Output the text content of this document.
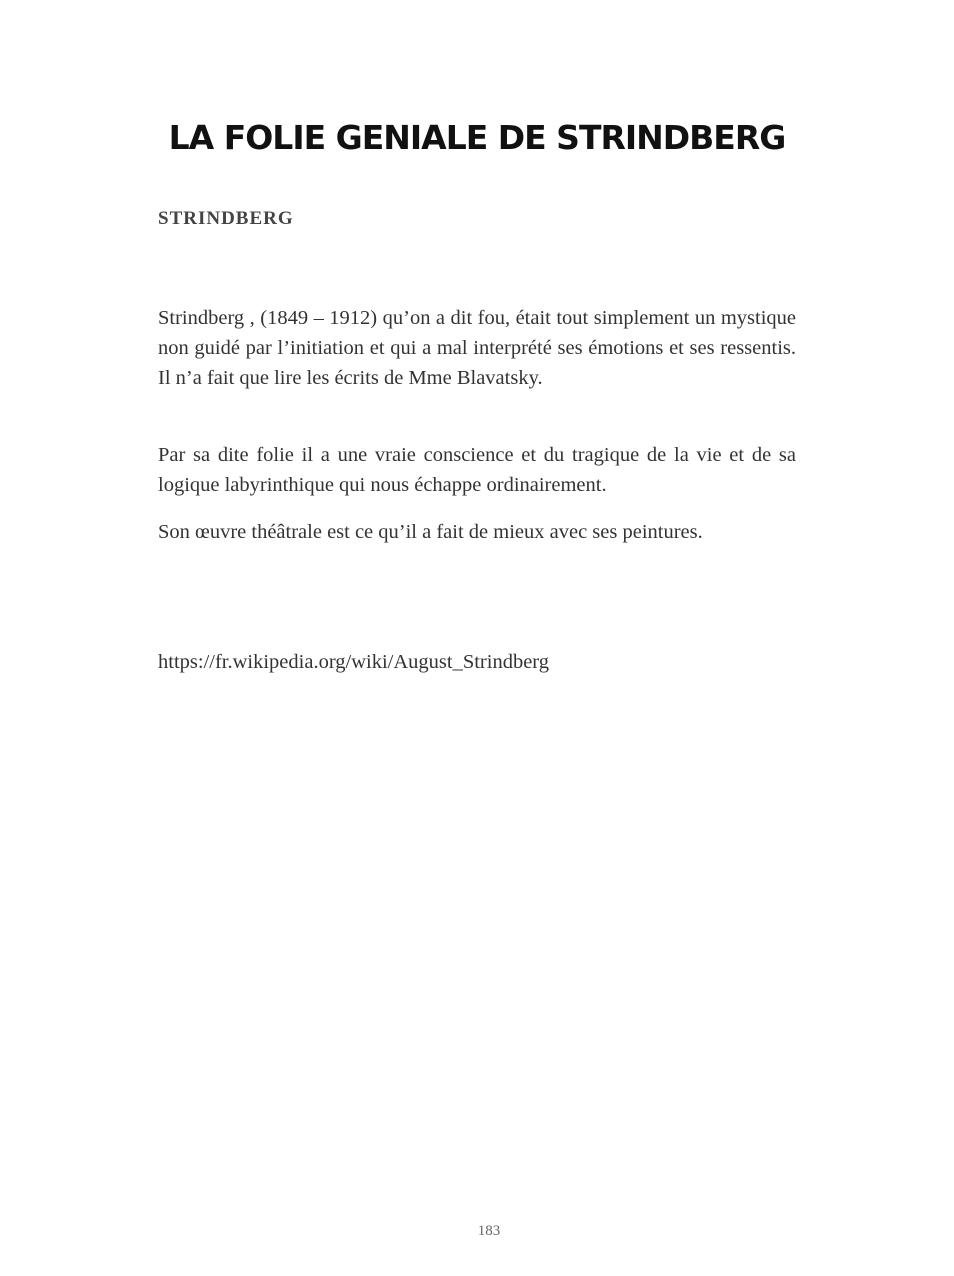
LA FOLIE GENIALE DE STRINDBERG
STRINDBERG

Strindberg , (1849 – 1912) qu’on a dit fou, était tout simplement un mystique non guidé par l’initiation et qui a mal interprété ses émotions et ses ressentis. Il n’a fait que lire les écrits de Mme Blavatsky.

Par sa dite folie il a une vraie conscience et du tragique de la vie et de sa logique labyrinthique qui nous échappe ordinairement.

Son œuvre théâtrale est ce qu’il a fait de mieux avec ses peintures.

https://fr.wikipedia.org/wiki/August_Strindberg
183
